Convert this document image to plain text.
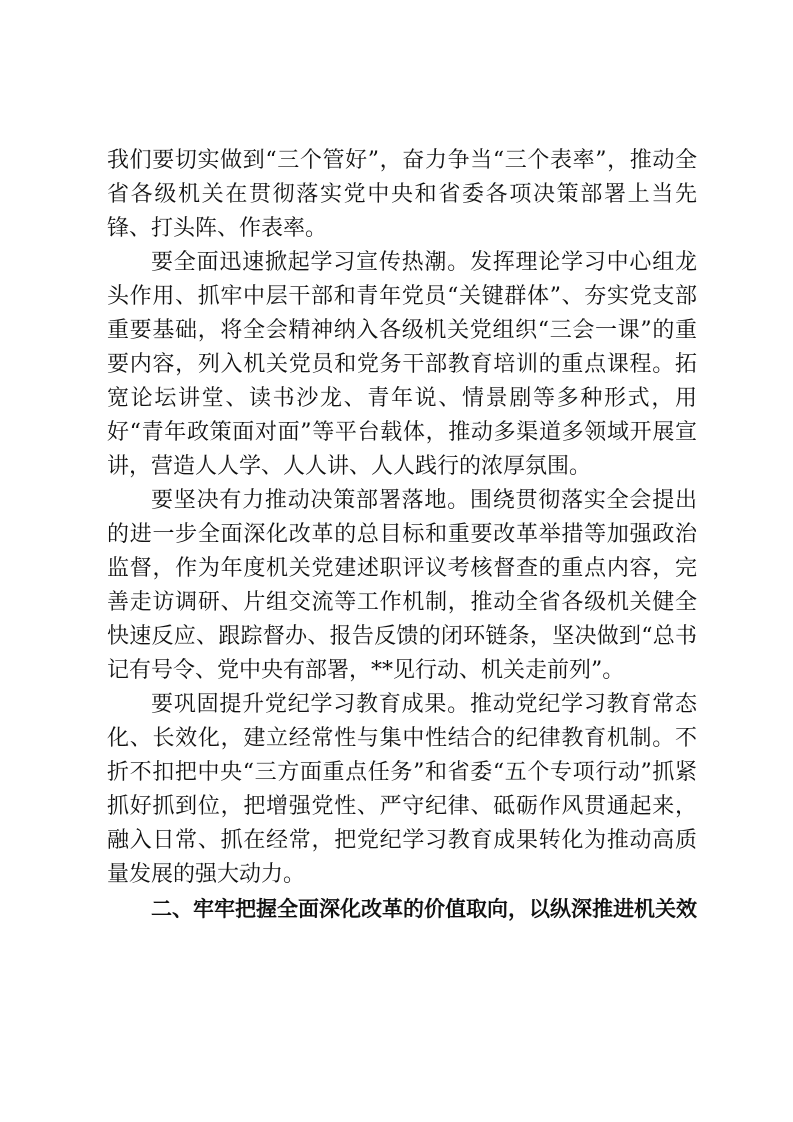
我们要切实做到“三个管好”，奋力争当“三个表率”，推动全省各级机关在贯彻落实党中央和省委各项决策部署上当先锋、打头阵、作表率。

要全面迅速掀起学习宣传热潮。发挥理论学习中心组龙头作用、抓牢中层干部和青年党员“关键群体”、夯实党支部重要基础，将全会精神纳入各级机关党组织“三会一课”的重要内容，列入机关党员和党务干部教育培训的重点课程。拓宽论坛讲堂、读书沙龙、青年说、情景剧等多种形式，用好“青年政策面对面”等平台载体，推动多渠道多领域开展宣讲，营造人人学、人人讲、人人践行的浓厚氛围。

要坚决有力推动决策部署落地。围绕贯彻落实全会提出的进一步全面深化改革的总目标和重要改革举措等加强政治监督，作为年度机关党建述职评议考核督查的重点内容，完善走访调研、片组交流等工作机制，推动全省各级机关健全快速反应、跟踪督办、报告反馈的闭环链条，坚决做到“总书记有号令、党中央有部署，**见行动、机关走前列”。

要巩固提升党纪学习教育成果。推动党纪学习教育常态化、长效化，建立经常性与集中性结合的纪律教育机制。不折不扣把中央“三方面重点任务”和省委“五个专项行动”抓紧抓好抓到位，把增强党性、严守纪律、砥砺作风贯通起来，融入日常、抓在经常，把党纪学习教育成果转化为推动高质量发展的强大动力。

二、牢牢把握全面深化改革的价值取向，以纵深推进机关效
